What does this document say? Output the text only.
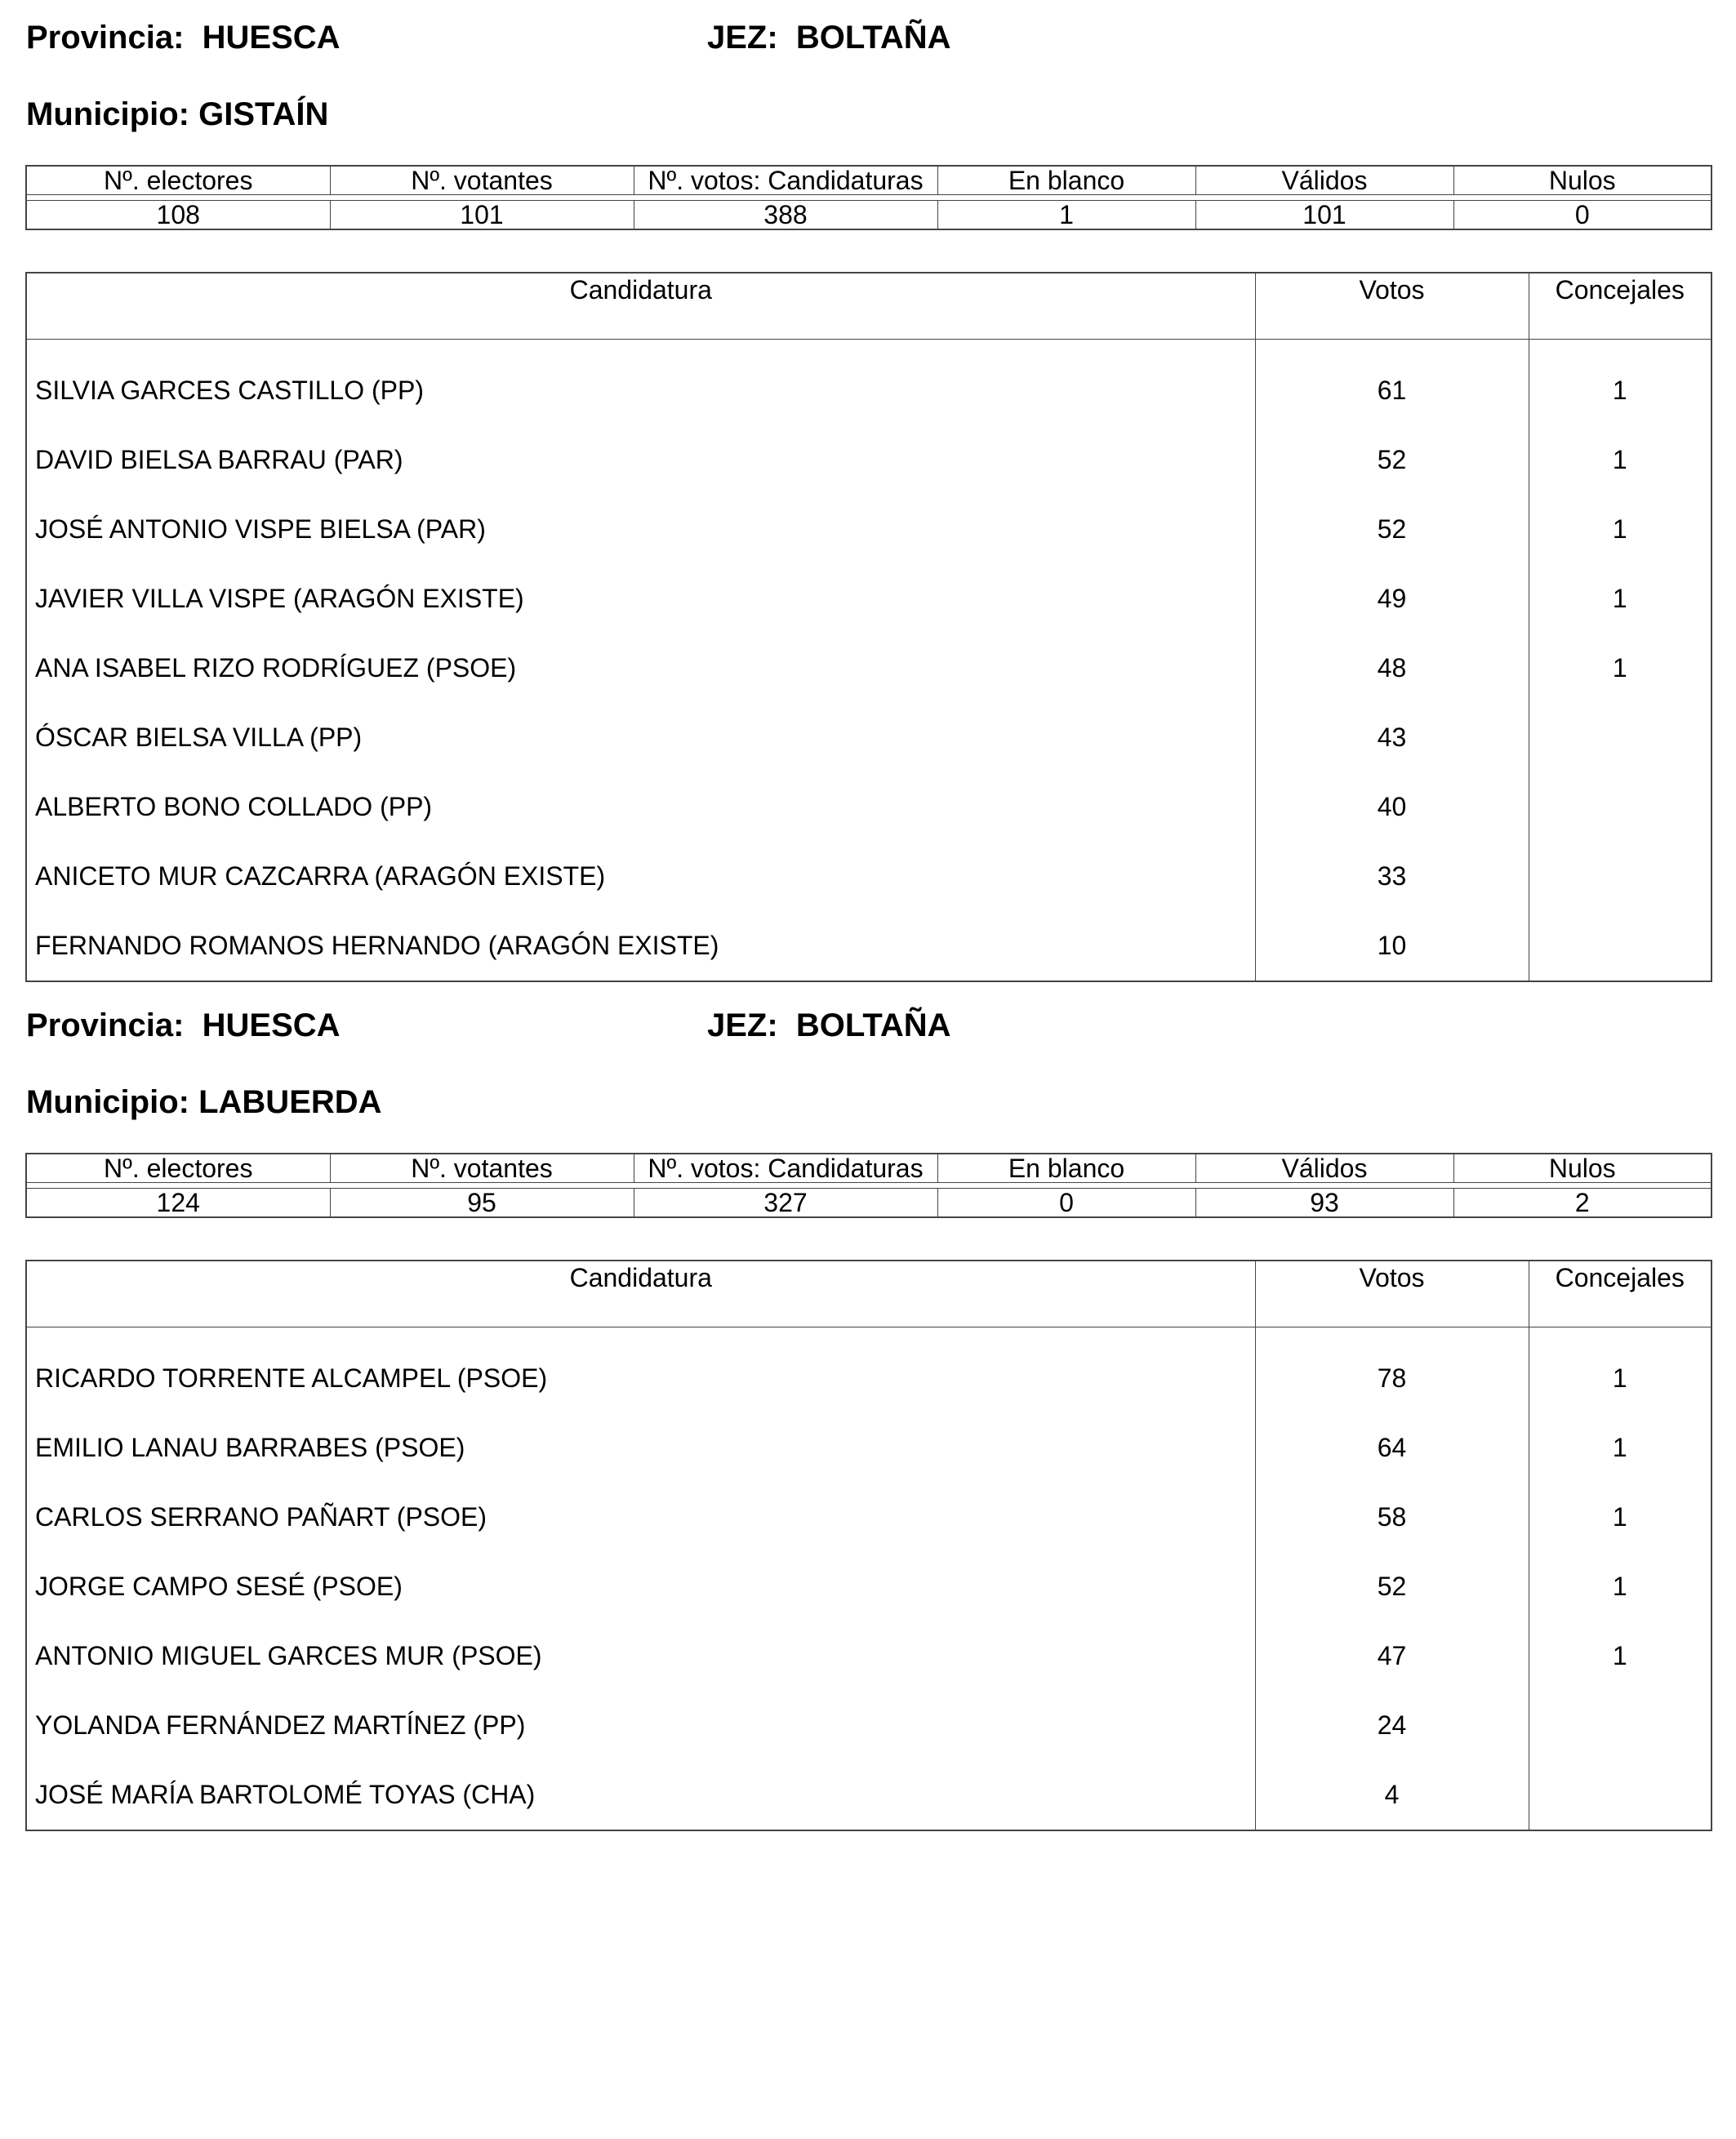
Provincia: HUESCA	JEZ: BOLTAÑA
Municipio: GISTAÍN
Nº. electores	Nº. votantes	Nº. votos: Candidaturas	En blanco	Válidos	Nulos

108	101	388	1	101	0
Candidatura	Votos	Concejales
SILVIA GARCES CASTILLO (PP)	61	1
DAVID BIELSA BARRAU (PAR)	52	1
JOSÉ ANTONIO VISPE BIELSA (PAR)	52	1
JAVIER VILLA VISPE (ARAGÓN EXISTE)	49	1
ANA ISABEL RIZO RODRÍGUEZ (PSOE)	48	1
ÓSCAR BIELSA VILLA (PP)	43	
ALBERTO BONO COLLADO (PP)	40	
ANICETO MUR CAZCARRA (ARAGÓN EXISTE)	33	
FERNANDO ROMANOS HERNANDO (ARAGÓN EXISTE)	10	
Provincia: HUESCA	JEZ: BOLTAÑA
Municipio: LABUERDA
Nº. electores	Nº. votantes	Nº. votos: Candidaturas	En blanco	Válidos	Nulos

124	95	327	0	93	2
Candidatura	Votos	Concejales
RICARDO TORRENTE ALCAMPEL (PSOE)	78	1
EMILIO LANAU BARRABES (PSOE)	64	1
CARLOS SERRANO PAÑART (PSOE)	58	1
JORGE CAMPO SESÉ (PSOE)	52	1
ANTONIO MIGUEL GARCES MUR (PSOE)	47	1
YOLANDA FERNÁNDEZ MARTÍNEZ (PP)	24	
JOSÉ MARÍA BARTOLOMÉ TOYAS (CHA)	4	
